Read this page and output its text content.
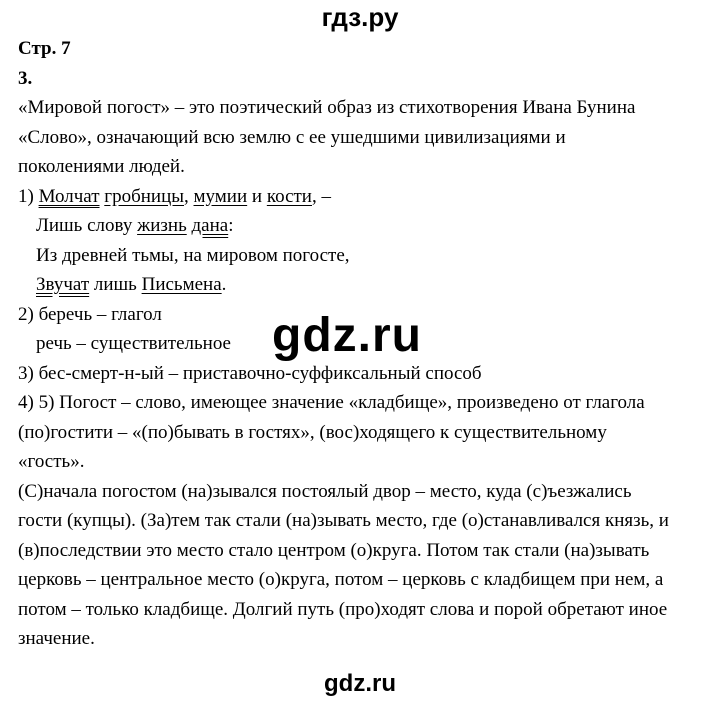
гдз.ру
Стр. 7
3.
«Мировой погост» – это поэтический образ из стихотворения Ивана Бунина
«Слово», означающий всю землю с ее ушедшими цивилизациями и
поколениями людей.
1) Молчат гробницы, мумии и кости, –
Лишь слову жизнь дана:
Из древней тьмы, на мировом погосте,
Звучат лишь Письмена.
2) беречь – глагол
речь – существительное
3) бес-смерт-н-ый – приставочно-суффиксальный способ
4) 5) Погост – слово, имеющее значение «кладбище», произведено от глагола
(по)гостити – «(по)бывать в гостях», (вос)ходящего к существительному
«гость».
(С)начала погостом (на)зывался постоялый двор – место, куда (с)ъезжались
гости (купцы). (За)тем так стали (на)зывать место, где (о)станавливался князь, и
(в)последствии это место стало центром (о)круга. Потом так стали (на)зывать
церковь – центральное место (о)круга, потом – церковь с кладбищем при нем, а
потом – только кладбище. Долгий путь (про)ходят слова и порой обретают иное
значение.
gdz.ru
gdz.ru
